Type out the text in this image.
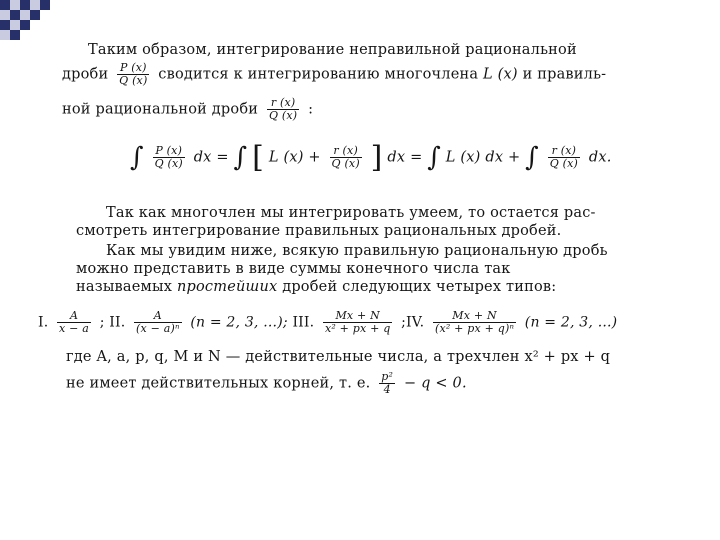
Таким образом, интегрирование неправильной рациональной
дроби $\frac{P (x)}{Q (x)}$ сводится к интегрированию многочлена L (x) и правиль-
ной рациональной дроби $\frac{r (x)}{Q (x)}$ :
∫ $\frac{P (x)}{Q (x)}$ dx = ∫ [ L $(x) + \frac{r (x)}{Q (x)}$ ] dx = ∫ L (x) dx + ∫ $\frac{r (x)}{Q (x)}$ dx.
Так как многочлен мы интегрировать умеем, то остается рас-
смотреть интегрирование правильных рациональных дробей.
Как мы увидим ниже, всякую правильную рациональную дробь
можно представить в виде суммы конечного числа так
называемых простейших дробей следующих четырех типов:
I. $\frac{A}{x - a}$ ; II. $\frac{A}{\text{(x − a)ⁿ}} (n = 2$, 3, ...); III. $\frac{Mx + N}{\text{x² + px + q}}$ ;IV. $\frac{Mx + N}{\text{(x² + px + q)ⁿ}} (n = 2$, 3, ...)
где A, a, p, q, M и N — действительные числа, а трехчлен x² + px + q
не имеет действительных корней, т. е. $\frac{\text{p²}}{4} - q < 0$.
